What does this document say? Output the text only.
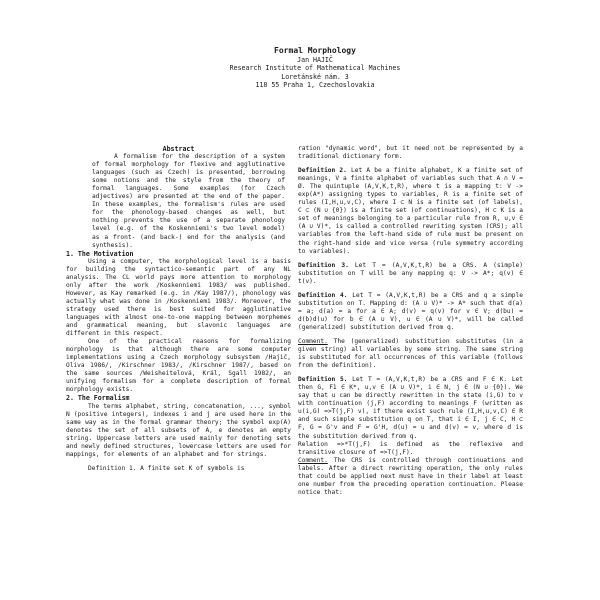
Formal Morphology
Jan HAJIČ
Research Institute of Mathematical Machines
Loretánské nám. 3
118 55 Praha 1, Czechoslovakia

Abstract

A formalism for the description of a system of formal morphology for flexive and agglutinative languages (such as Czech) is presented, borrowing some notions and the style from the theory of formal languages. Some examples (for Czech adjectives) are presented at the end of the paper. In these examples, the formalism's rules are used for the phonology-based changes as well, but nothing prevents the use of a separate phonology level (e.g. of the Koskenniemi's two level model) as a front- (and back-) end for the analysis (and synthesis).

1. The Motivation

Using a computer, the morphological level is a basis for building the syntactico-semantic part of any NL analysis. The CL world pays more attention to morphology only after the work /Koskenniemi 1983/ was published. However, as Kay remarked (e.g. in /Kay 1987/), phonology was actually what was done in /Koskenniemi 1983/. Moreover, the strategy used there is best suited for agglutinative languages with almost one-to-one mapping between morphemes and grammatical meaning, but slavonic languages are different in this respect.

One of the practical reasons for formalizing morphology is that although there are some computer implementations using a Czech morphology subsystem /Hajič, Oliva 1986/, /Kirschner 1983/, /Kirschner 1987/, based on the same sources /Weisheitelová, Král, Sgall 1982/, an unifying formalism for a complete description of formal morphology exists.

2. The Formalism

The terms alphabet, string, concatenation, ..., symbol N (positive integers), indexes i and j are used here in the same way as in the formal grammar theory; the symbol exp(A) denotes the set of all subsets of A, e denotes an empty string. Uppercase letters are used mainly for denoting sets and newly defined structures, lowercase letters are used for mappings, for elements of an alphabet and for strings.

Definition 1. A finite set K of symbols is

ration "dynamic word", but it need not be represented by a traditional dictionary form.

Definition 2. Let A be a finite alphabet, K a finite set of meanings, V a finite alphabet of variables such that A ∩ V = Ø. The quintuple (A,V,K,t,R), where t is a mapping t: V -> exp(A*) assigning types to variables, R is a finite set of rules (I,H,u,v,C), where I ⊂ N is a finite set (of labels), C ⊂ (N ∪ {0}) is a finite set (of continuations), H ⊂ K is a set of meanings belonging to a particular rule from R, u,v ∈ (A ∪ V)*, is called a controlled rewriting system (CRS); all variables from the left-hand side of rule must be present on the right-hand side and vice versa (rule symmetry according to variables).

Definition 3. Let T = (A,V,K,t,R) be a CRS. A (simple) substitution on T will be any mapping q: V -> A*; q(v) ∈ t(v).

Definition 4. Let T = (A,V,K,t,R) be a CRS and q a simple substitution on T. Mapping d: (A ∪ V)* -> A* such that d(a) = a; d(a) = a for a ∈ A; d(v) = q(v) for v ∈ V; d(bu) = d(b)d(u) for b ∈ (A ∪ V), u ∈ (A ∪ V)*, will be called (generalized) substitution derived from q.

Comment. The (generalized) substitution substitutes (in a given string) all variables by some string. The same string is substituted for all occurrences of this variable (follows from the definition).

Definition 5. Let T = (A,V,K,t,R) be a CRS and F ∈ K. Let then G, F1 ∈ K*, u,v ∈ (A ∪ V)*, i ∈ N, j ∈ (N ∪ {0}). We say that u can be directly rewritten in the state (i,G) to v with continuation (j,F) according to meanings F (written as u(i,G) =>T(j,F) v), if there exist such rule (I,H,u,v,C) ∈ R and such simple substitution q on T, that i ∈ I, j ∈ C, H ⊂ F, G = G'v and F = G'H, d(u) = u and d(v) = v, where d is the substitution derived from q.

Relation =>*T(j,F) is defined as the reflexive and transitive closure of =>T(j,F).

Comment. The CRS is controlled through continuations and labels. After a direct rewriting operation, the only rules that could be applied next must have in their label at least one number from the preceding operation continuation. Please notice that:
